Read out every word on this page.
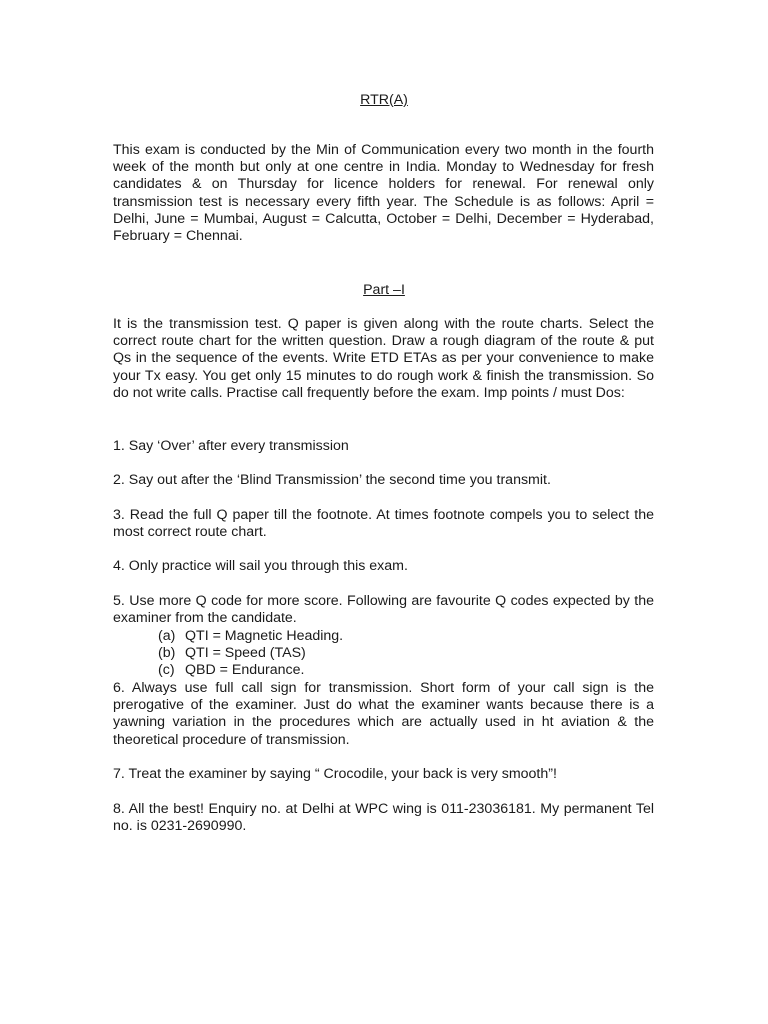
RTR(A)

This exam is conducted by the Min of Communication every two month in the fourth week of the month but only at one centre in India. Monday to Wednesday for fresh candidates & on Thursday for licence holders for renewal. For renewal only transmission test is necessary every fifth year. The Schedule is as follows: April = Delhi, June = Mumbai, August = Calcutta, October = Delhi, December = Hyderabad, February = Chennai.

Part –I

It is the transmission test. Q paper is given along with the route charts. Select the correct route chart for the written question. Draw a rough diagram of the route & put Qs in the sequence of the events. Write ETD ETAs as per your convenience to make your Tx easy. You get only 15 minutes to do rough work & finish the transmission. So do not write calls. Practise call frequently before the exam. Imp points / must Dos:

1. Say ‘Over’ after every transmission

2. Say out after the ‘Blind Transmission’ the second time you transmit.

3. Read the full Q paper till the footnote. At times footnote compels you to select the most correct route chart.

4. Only practice will sail you through this exam.

5. Use more Q code for more score. Following are favourite Q codes expected by the examiner from the candidate.

(a) QTI = Magnetic Heading.

(b) QTI = Speed (TAS)

(c) QBD = Endurance.

6. Always use full call sign for transmission. Short form of your call sign is the prerogative of the examiner. Just do what the examiner wants because there is a yawning variation in the procedures which are actually used in ht aviation & the theoretical procedure of transmission.

7. Treat the examiner by saying “ Crocodile, your back is very smooth”!

8. All the best! Enquiry no. at Delhi at WPC wing is 011-23036181. My permanent Tel no. is 0231-2690990.
